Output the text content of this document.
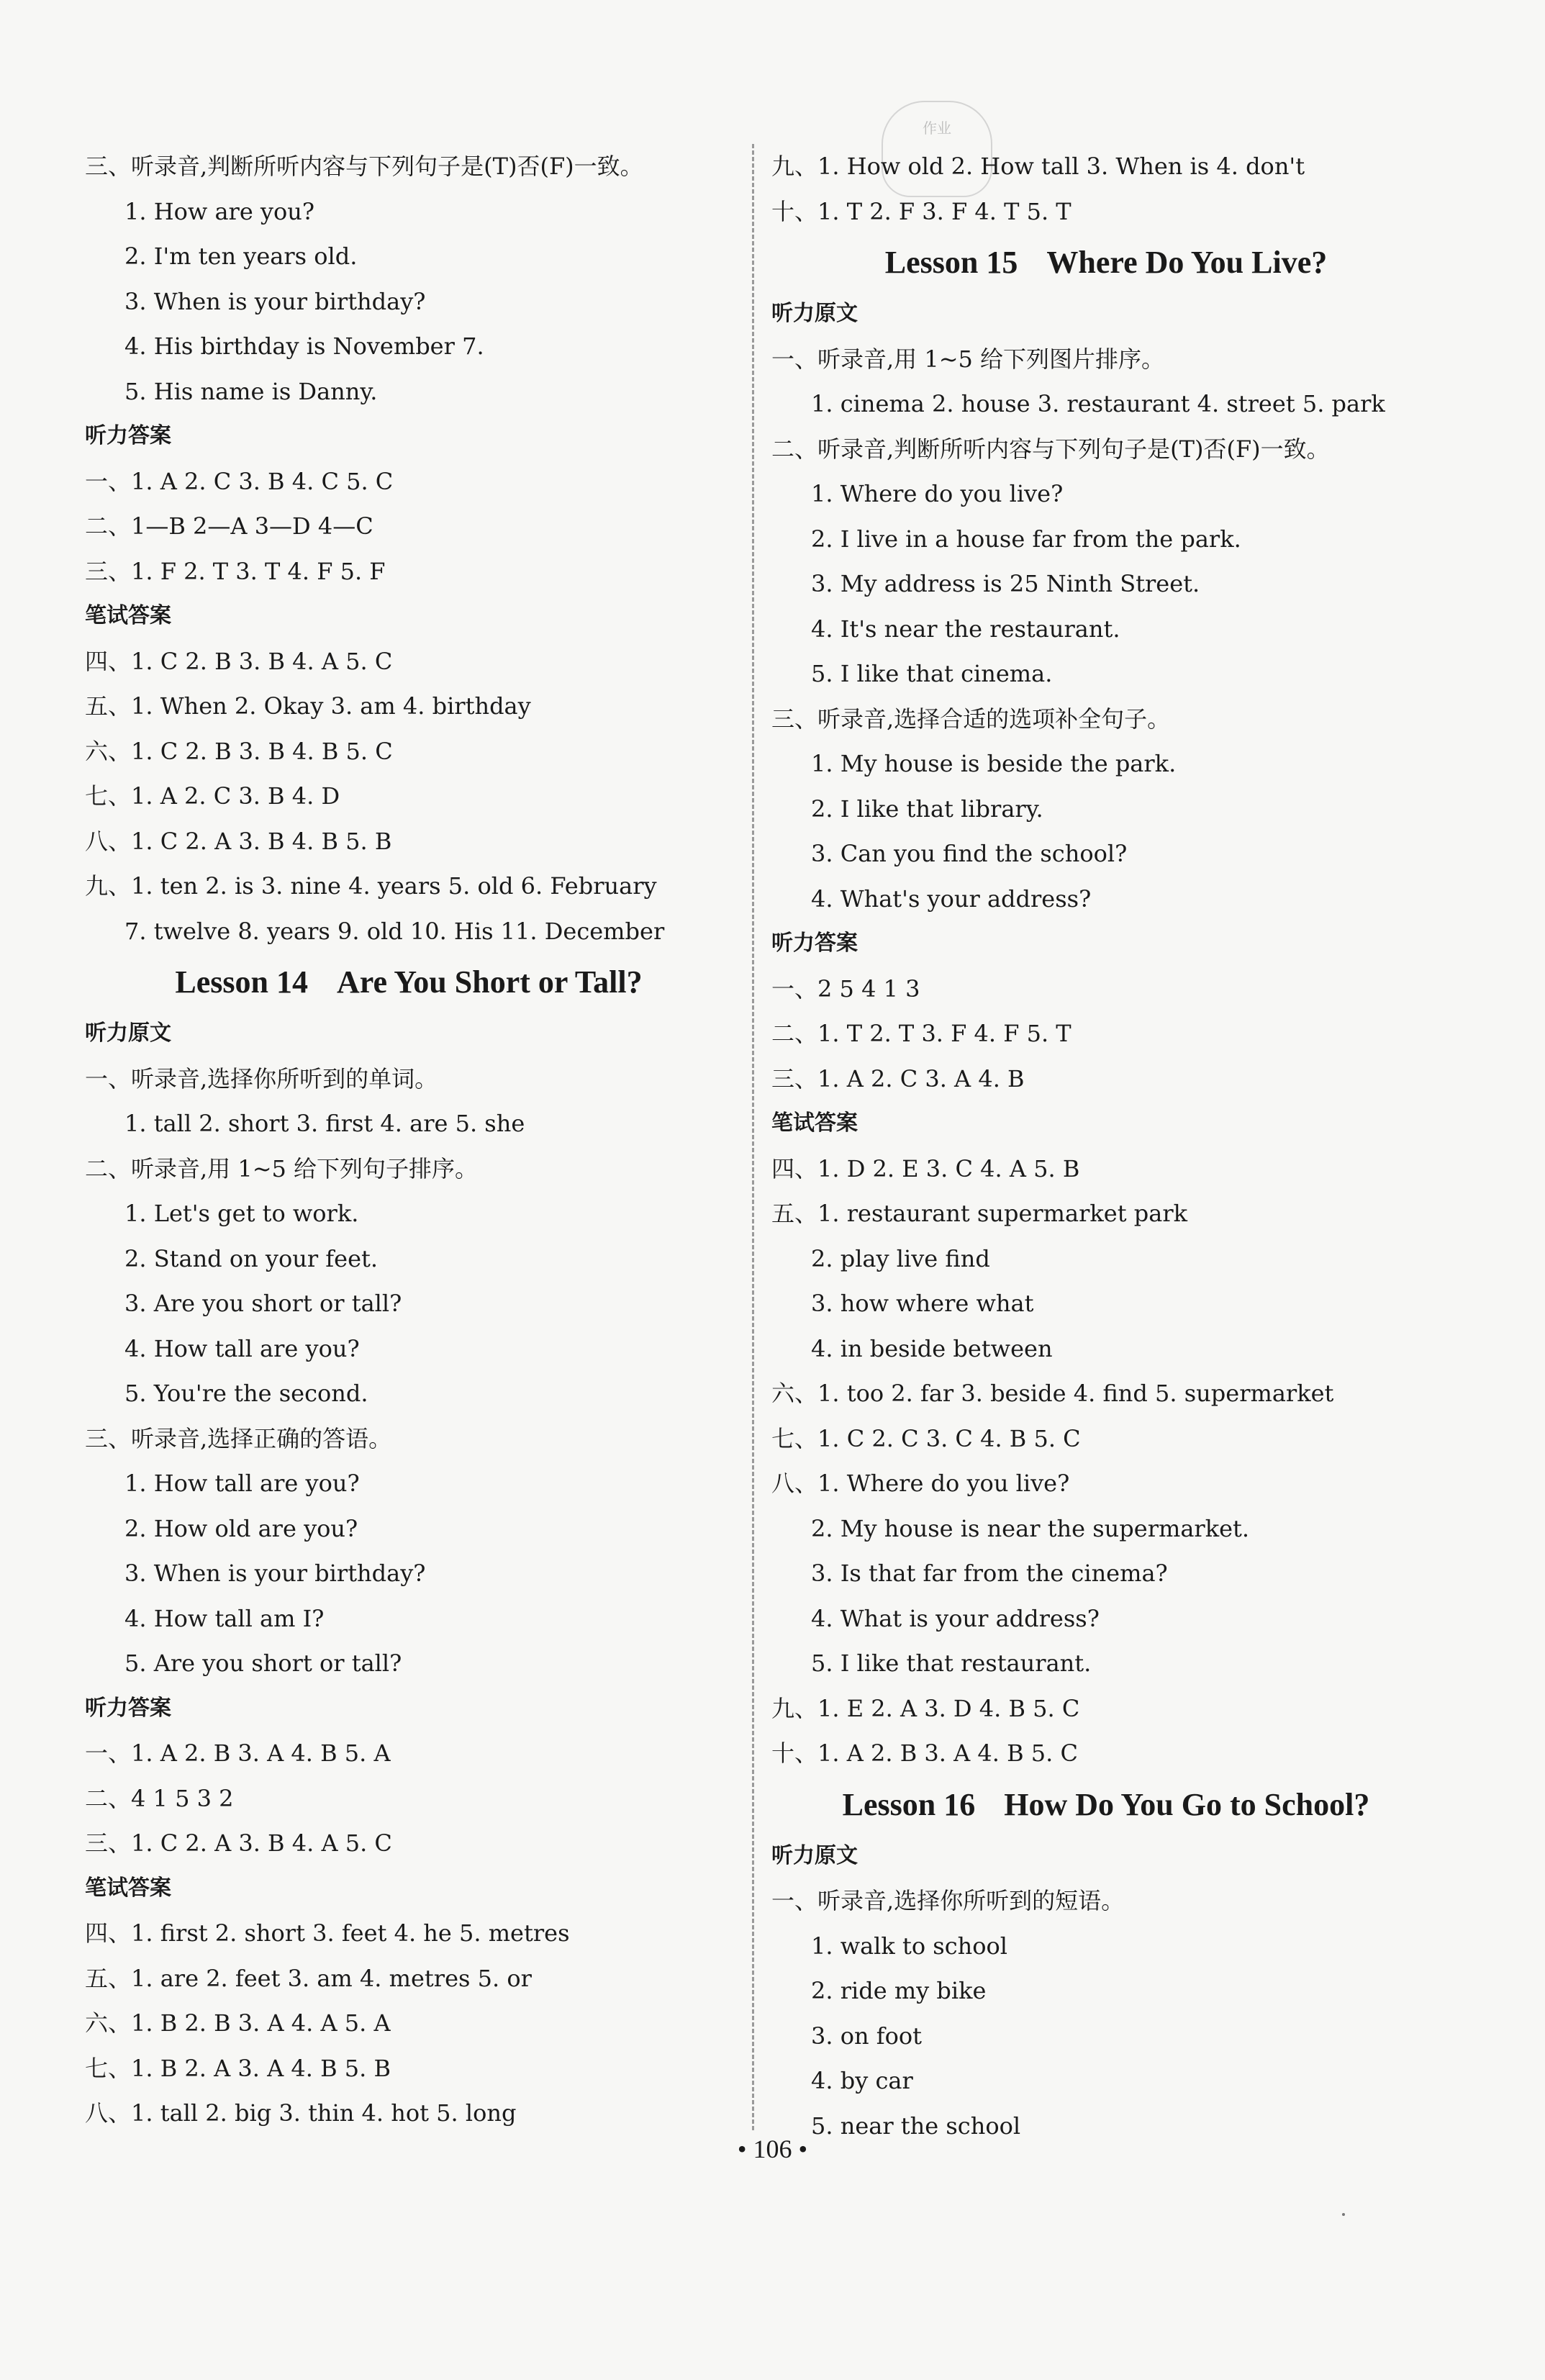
作业
三、听录音,判断所听内容与下列句子是(T)否(F)一致。
1. How are you?
2. I'm ten years old.
3. When is your birthday?
4. His birthday is November 7.
5. His name is Danny.
听力答案
一、1. A 2. C 3. B 4. C 5. C
二、1—B 2—A 3—D 4—C
三、1. F 2. T 3. T 4. F 5. F
笔试答案
四、1. C 2. B 3. B 4. A 5. C
五、1. When 2. Okay 3. am 4. birthday
六、1. C 2. B 3. B 4. B 5. C
七、1. A 2. C 3. B 4. D
八、1. C 2. A 3. B 4. B 5. B
九、1. ten 2. is 3. nine 4. years 5. old 6. February
7. twelve 8. years 9. old 10. His 11. December
Lesson 14 Are You Short or Tall?
听力原文
一、听录音,选择你所听到的单词。
1. tall 2. short 3. first 4. are 5. she
二、听录音,用 1~5 给下列句子排序。
1. Let's get to work.
2. Stand on your feet.
3. Are you short or tall?
4. How tall are you?
5. You're the second.
三、听录音,选择正确的答语。
1. How tall are you?
2. How old are you?
3. When is your birthday?
4. How tall am I?
5. Are you short or tall?
听力答案
一、1. A 2. B 3. A 4. B 5. A
二、4 1 5 3 2
三、1. C 2. A 3. B 4. A 5. C
笔试答案
四、1. first 2. short 3. feet 4. he 5. metres
五、1. are 2. feet 3. am 4. metres 5. or
六、1. B 2. B 3. A 4. A 5. A
七、1. B 2. A 3. A 4. B 5. B
八、1. tall 2. big 3. thin 4. hot 5. long
九、1. How old 2. How tall 3. When is 4. don't
十、1. T 2. F 3. F 4. T 5. T
Lesson 15 Where Do You Live?
听力原文
一、听录音,用 1~5 给下列图片排序。
1. cinema 2. house 3. restaurant 4. street 5. park
二、听录音,判断所听内容与下列句子是(T)否(F)一致。
1. Where do you live?
2. I live in a house far from the park.
3. My address is 25 Ninth Street.
4. It's near the restaurant.
5. I like that cinema.
三、听录音,选择合适的选项补全句子。
1. My house is beside the park.
2. I like that library.
3. Can you find the school?
4. What's your address?
听力答案
一、2 5 4 1 3
二、1. T 2. T 3. F 4. F 5. T
三、1. A 2. C 3. A 4. B
笔试答案
四、1. D 2. E 3. C 4. A 5. B
五、1. restaurant supermarket park
2. play live find
3. how where what
4. in beside between
六、1. too 2. far 3. beside 4. find 5. supermarket
七、1. C 2. C 3. C 4. B 5. C
八、1. Where do you live?
2. My house is near the supermarket.
3. Is that far from the cinema?
4. What is your address?
5. I like that restaurant.
九、1. E 2. A 3. D 4. B 5. C
十、1. A 2. B 3. A 4. B 5. C
Lesson 16 How Do You Go to School?
听力原文
一、听录音,选择你所听到的短语。
1. walk to school
2. ride my bike
3. on foot
4. by car
5. near the school
• 106 •
